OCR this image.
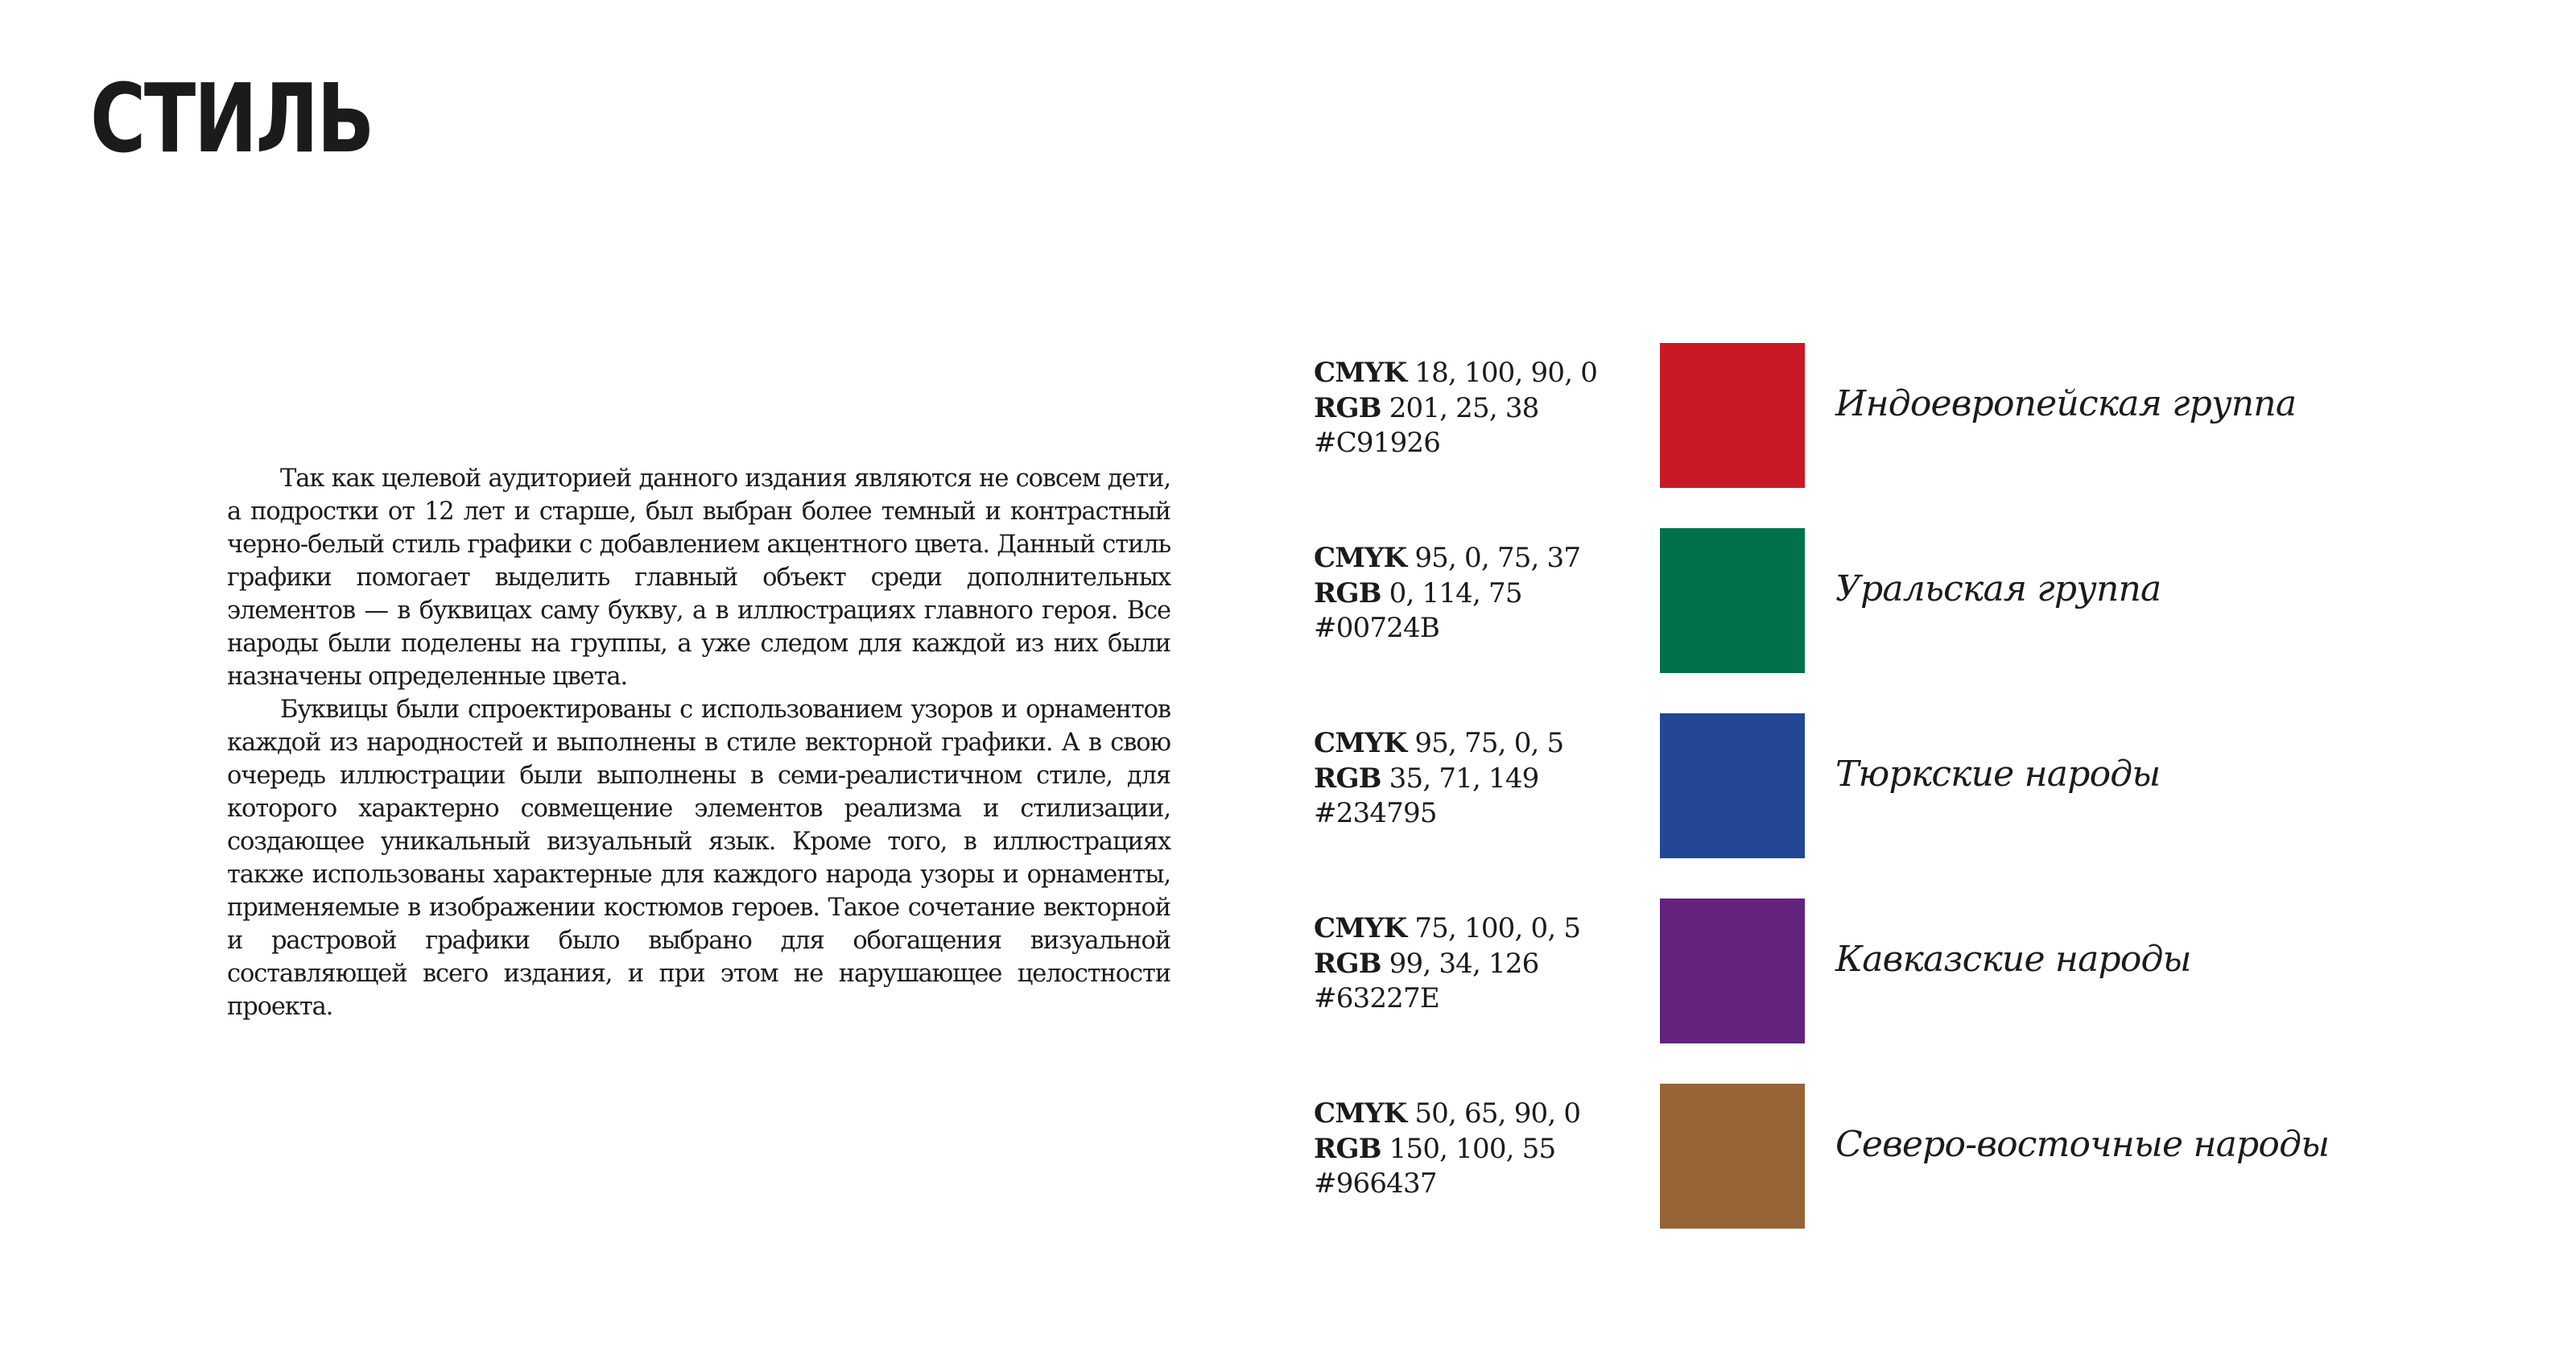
СТИЛЬ

Так как целевой аудиторией данного издания являются не совсем дети, а подростки от 12 лет и старше, был выбран более темный и контрастный черно-белый стиль графики с добавлением акцентного цвета. Данный стиль графики помогает выделить главный объект среди дополнительных элементов — в буквицах саму букву, а в иллюстрациях главного героя. Все народы были поделены на группы, а уже следом для каждой из них были назначены определенные цвета.

Буквицы были спроектированы с использованием узоров и орнаментов каждой из народностей и выполнены в стиле векторной графики. А в свою очередь иллюстрации были выполнены в семи-реалистичном стиле, для которого характерно совмещение элементов реализма и стилизации, создающее уникальный визуальный язык. Кроме того, в иллюстрациях также использованы характерные для каждого народа узоры и орнаменты, применяемые в изображении костюмов героев. Такое сочетание векторной и растровой графики было выбрано для обогащения визуальной составляющей всего издания, и при этом не нарушающее целостности проекта.

CMYK 18, 100, 90, 0
RGB 201, 25, 38
#C91926
Индоевропейская группа
CMYK 95, 0, 75, 37
RGB 0, 114, 75
#00724B
Уральская группа
CMYK 95, 75, 0, 5
RGB 35, 71, 149
#234795
Тюркские народы
CMYK 75, 100, 0, 5
RGB 99, 34, 126
#63227E
Кавказские народы
CMYK 50, 65, 90, 0
RGB 150, 100, 55
#966437
Северо-восточные народы
